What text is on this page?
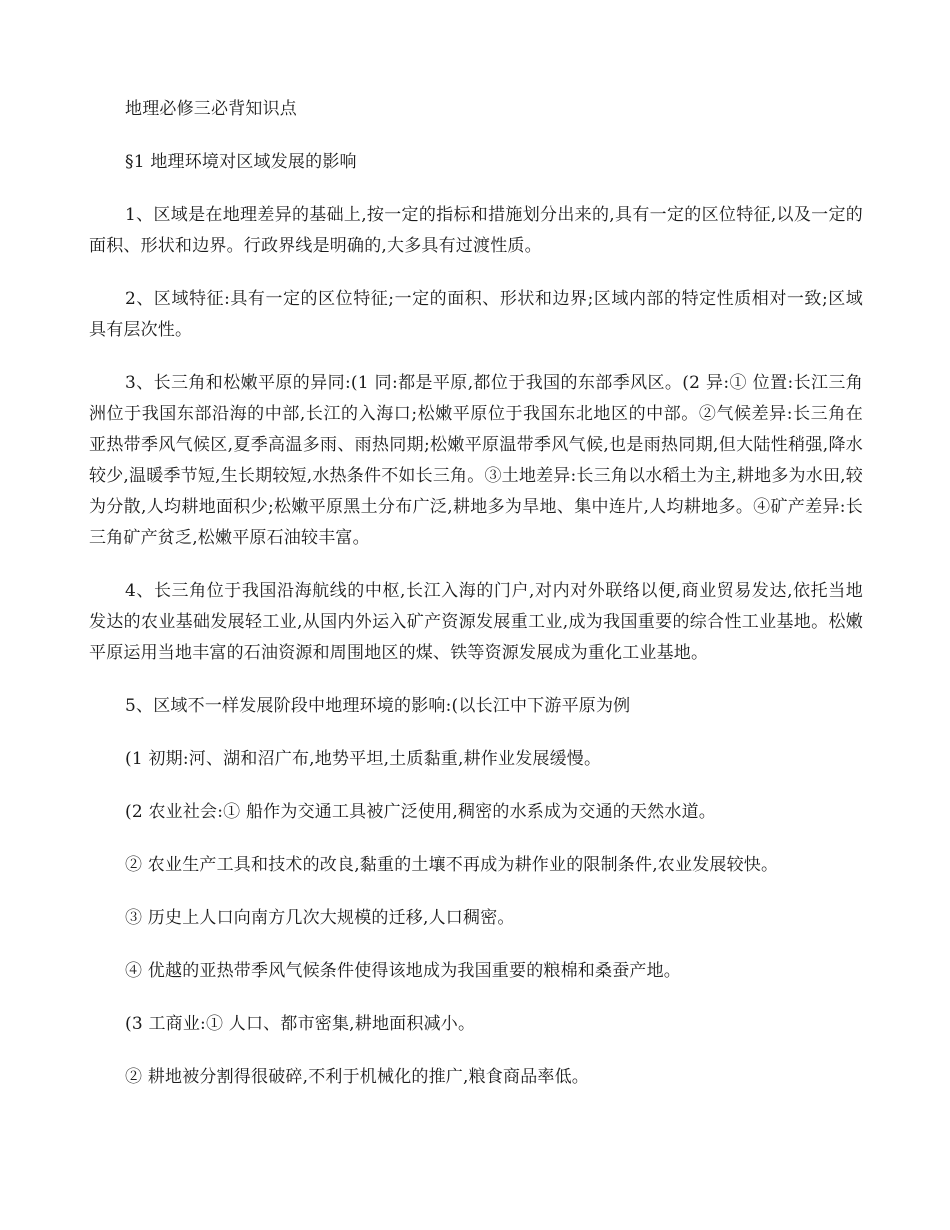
地理必修三必背知识点

§1 地理环境对区域发展的影响

1、区域是在地理差异的基础上,按一定的指标和措施划分出来的,具有一定的区位特征,以及一定的面积、形状和边界。行政界线是明确的,大多具有过渡性质。

2、区域特征:具有一定的区位特征;一定的面积、形状和边界;区域内部的特定性质相对一致;区域具有层次性。

3、长三角和松嫩平原的异同:(1 同:都是平原,都位于我国的东部季风区。(2 异:① 位置:长江三角洲位于我国东部沿海的中部,长江的入海口;松嫩平原位于我国东北地区的中部。②气候差异:长三角在亚热带季风气候区,夏季高温多雨、雨热同期;松嫩平原温带季风气候,也是雨热同期,但大陆性稍强,降水较少,温暖季节短,生长期较短,水热条件不如长三角。③土地差异:长三角以水稻土为主,耕地多为水田,较为分散,人均耕地面积少;松嫩平原黑土分布广泛,耕地多为旱地、集中连片,人均耕地多。④矿产差异:长三角矿产贫乏,松嫩平原石油较丰富。

4、长三角位于我国沿海航线的中枢,长江入海的门户,对内对外联络以便,商业贸易发达,依托当地发达的农业基础发展轻工业,从国内外运入矿产资源发展重工业,成为我国重要的综合性工业基地。松嫩平原运用当地丰富的石油资源和周围地区的煤、铁等资源发展成为重化工业基地。

5、区域不一样发展阶段中地理环境的影响:(以长江中下游平原为例

(1 初期:河、湖和沼广布,地势平坦,土质黏重,耕作业发展缓慢。

(2 农业社会:① 船作为交通工具被广泛使用,稠密的水系成为交通的天然水道。

② 农业生产工具和技术的改良,黏重的土壤不再成为耕作业的限制条件,农业发展较快。

③ 历史上人口向南方几次大规模的迁移,人口稠密。

④ 优越的亚热带季风气候条件使得该地成为我国重要的粮棉和桑蚕产地。

(3 工商业:① 人口、都市密集,耕地面积减小。

② 耕地被分割得很破碎,不利于机械化的推广,粮食商品率低。
